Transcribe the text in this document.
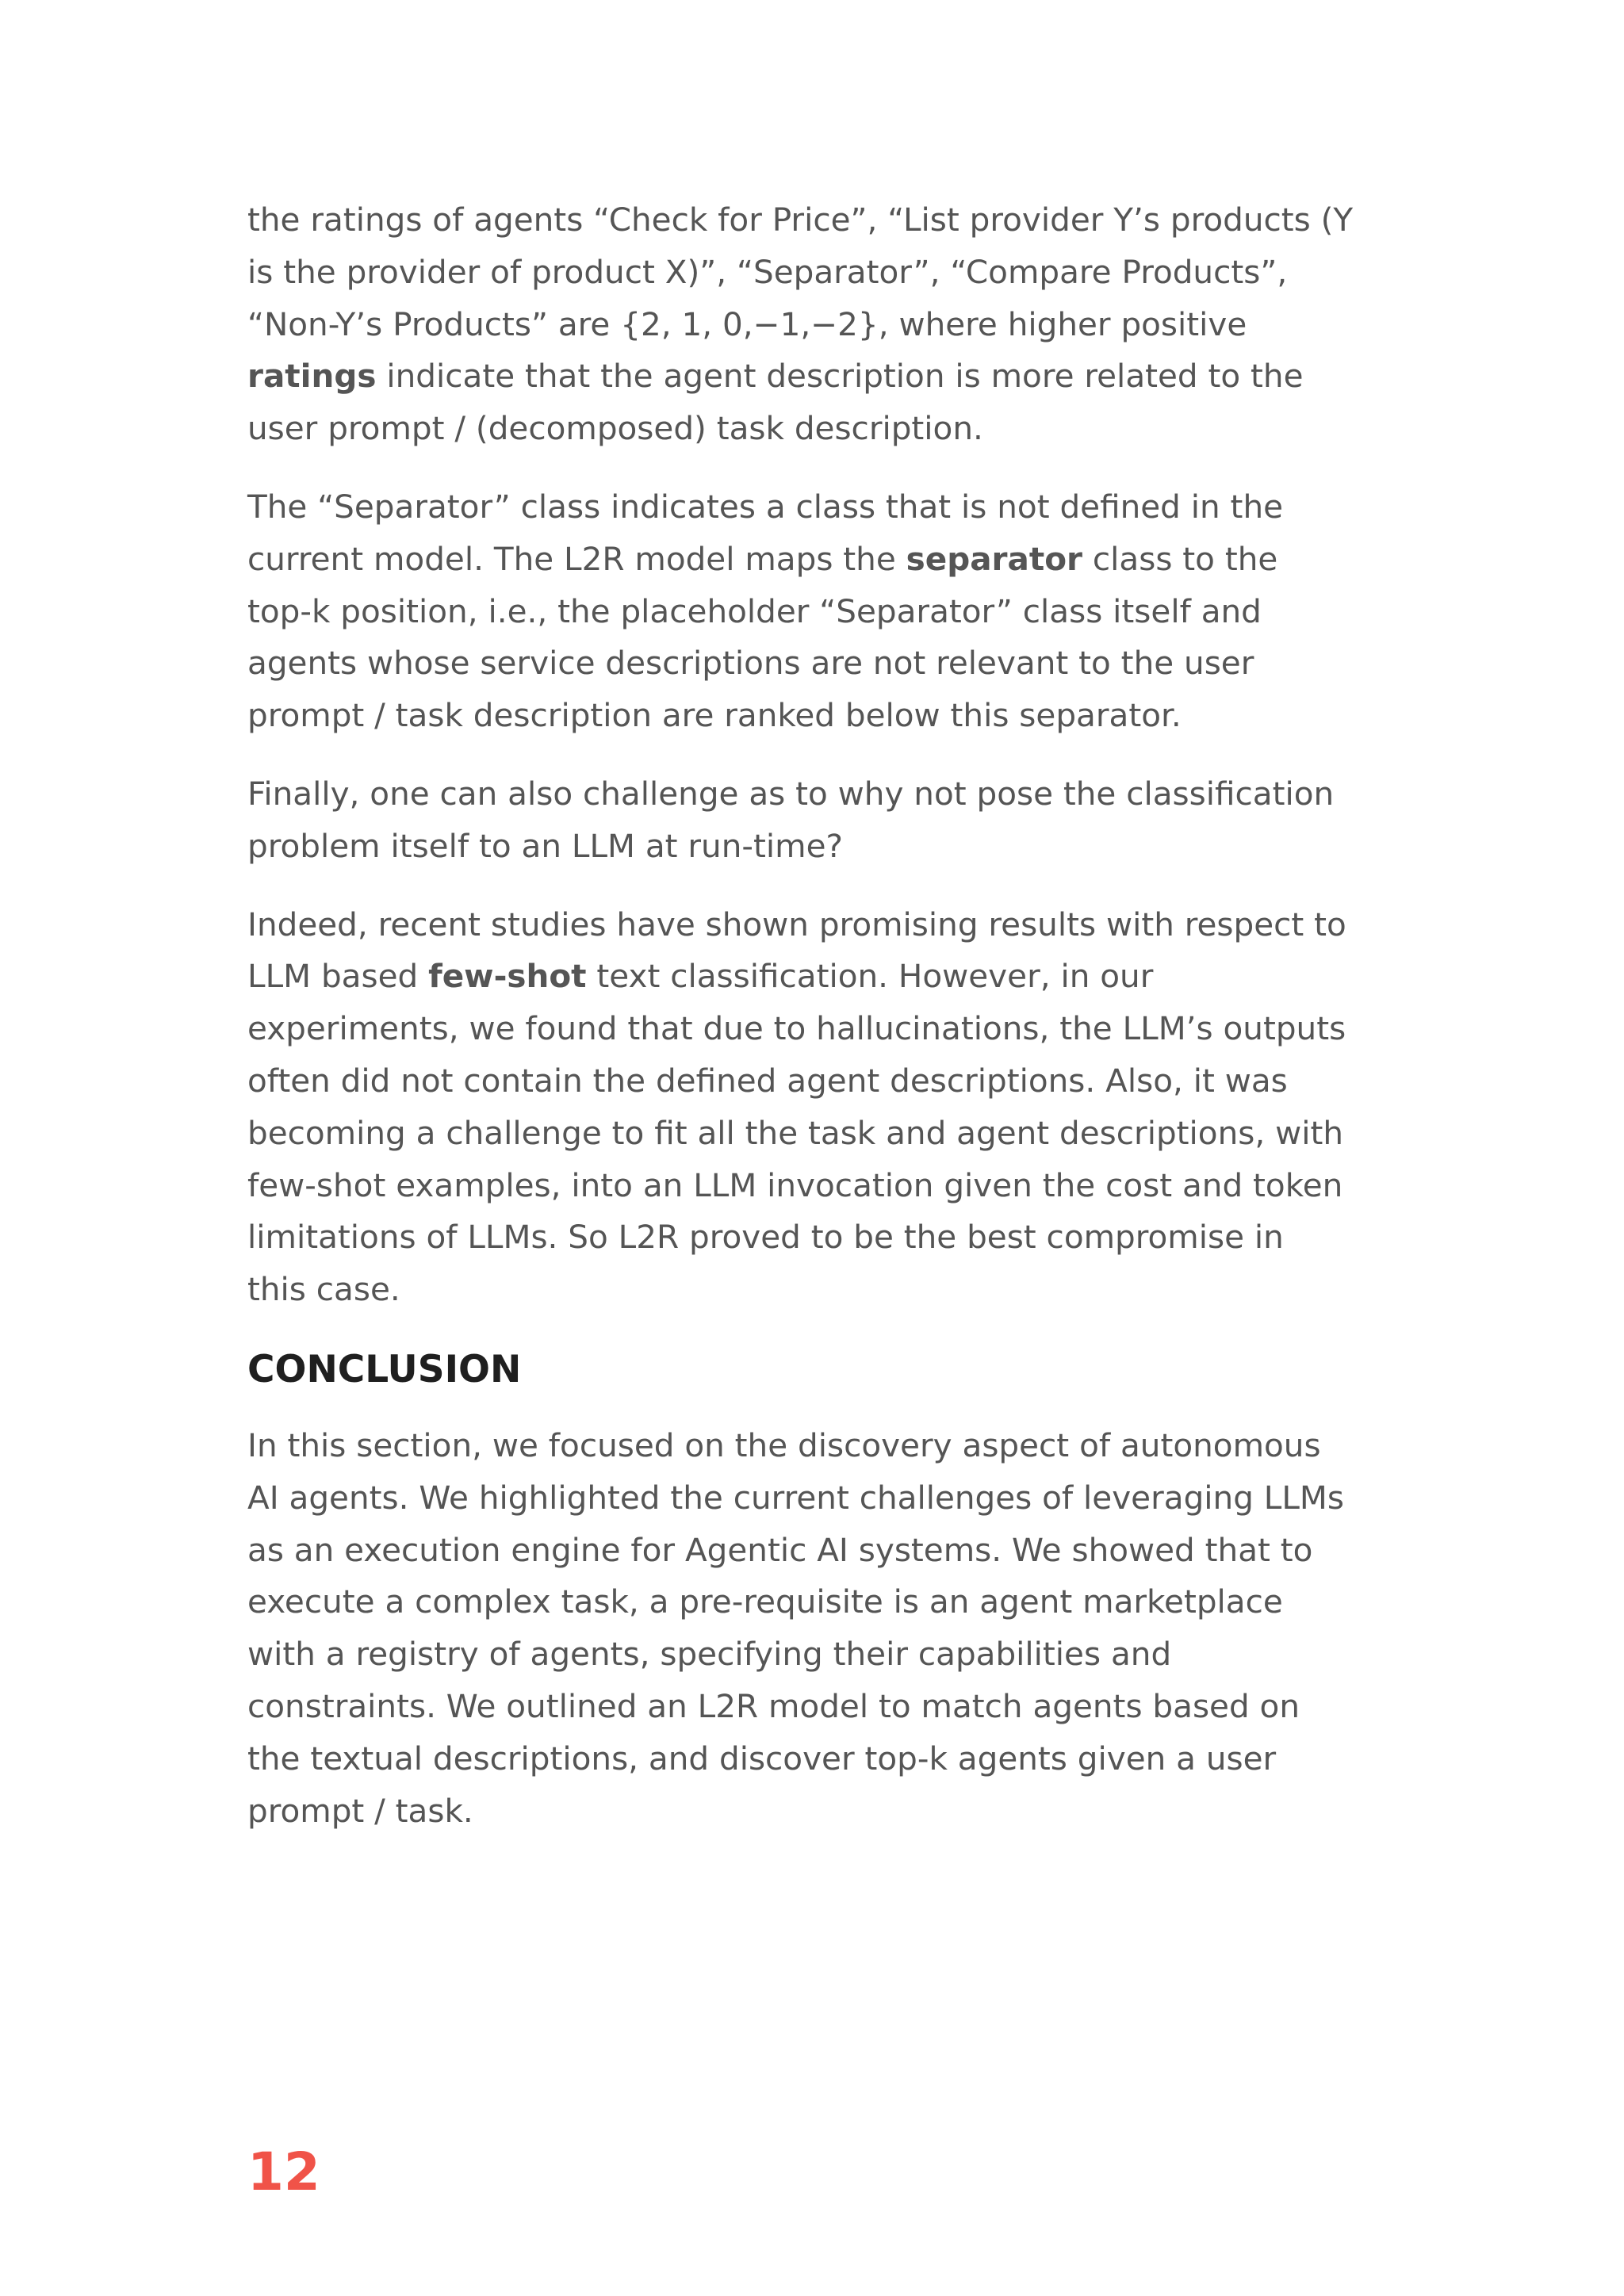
the ratings of agents “Check for Price”, “List provider Y’s products (Y
is the provider of product X)”, “Separator”, “Compare Products”,
“Non-Y’s Products” are {2, 1, 0,−1,−2}, where higher positive
ratings indicate that the agent description is more related to the
user prompt / (decomposed) task description.

The “Separator” class indicates a class that is not defined in the
current model. The L2R model maps the separator class to the
top-k position, i.e., the placeholder “Separator” class itself and
agents whose service descriptions are not relevant to the user
prompt / task description are ranked below this separator.

Finally, one can also challenge as to why not pose the classification
problem itself to an LLM at run-time?

Indeed, recent studies have shown promising results with respect to
LLM based few-shot text classification. However, in our
experiments, we found that due to hallucinations, the LLM’s outputs
often did not contain the defined agent descriptions. Also, it was
becoming a challenge to fit all the task and agent descriptions, with
few-shot examples, into an LLM invocation given the cost and token
limitations of LLMs. So L2R proved to be the best compromise in
this case.

CONCLUSION

In this section, we focused on the discovery aspect of autonomous
AI agents. We highlighted the current challenges of leveraging LLMs
as an execution engine for Agentic AI systems. We showed that to
execute a complex task, a pre-requisite is an agent marketplace
with a registry of agents, specifying their capabilities and
constraints. We outlined an L2R model to match agents based on
the textual descriptions, and discover top-k agents given a user
prompt / task.

12
